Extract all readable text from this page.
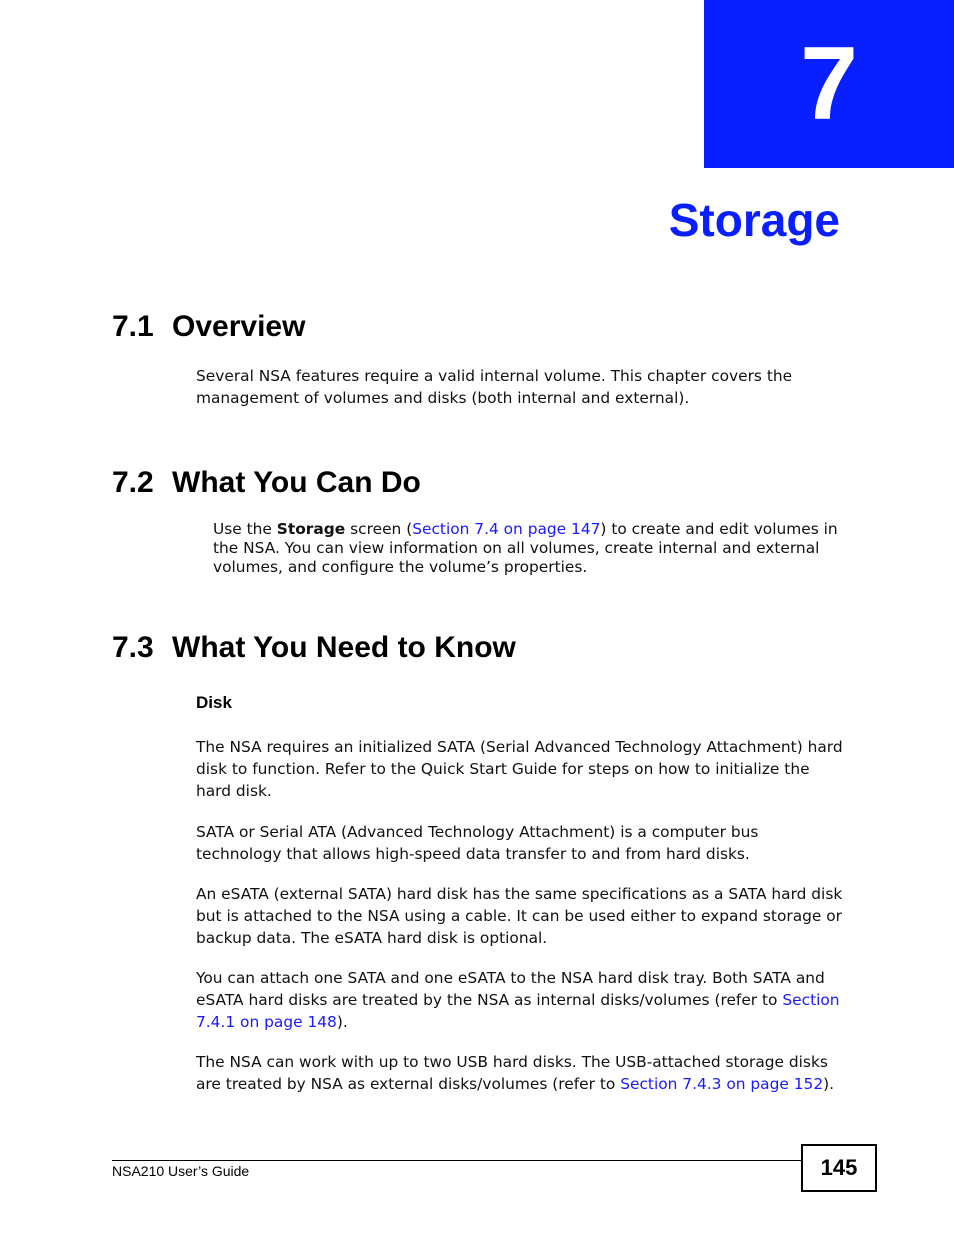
7
Storage
7.1 Overview

Several NSA features require a valid internal volume. This chapter covers the management of volumes and disks (both internal and external).

7.2 What You Can Do

Use the Storage screen (Section 7.4 on page 147) to create and edit volumes in the NSA. You can view information on all volumes, create internal and external volumes, and configure the volume’s properties.

7.3 What You Need to Know
Disk

The NSA requires an initialized SATA (Serial Advanced Technology Attachment) hard disk to function. Refer to the Quick Start Guide for steps on how to initialize the hard disk.

SATA or Serial ATA (Advanced Technology Attachment) is a computer bus technology that allows high-speed data transfer to and from hard disks.

An eSATA (external SATA) hard disk has the same specifications as a SATA hard disk but is attached to the NSA using a cable. It can be used either to expand storage or backup data. The eSATA hard disk is optional.

You can attach one SATA and one eSATA to the NSA hard disk tray. Both SATA and eSATA hard disks are treated by the NSA as internal disks/volumes (refer to Section 7.4.1 on page 148).

The NSA can work with up to two USB hard disks. The USB-attached storage disks are treated by NSA as external disks/volumes (refer to Section 7.4.3 on page 152).

NSA210 User’s Guide	145
